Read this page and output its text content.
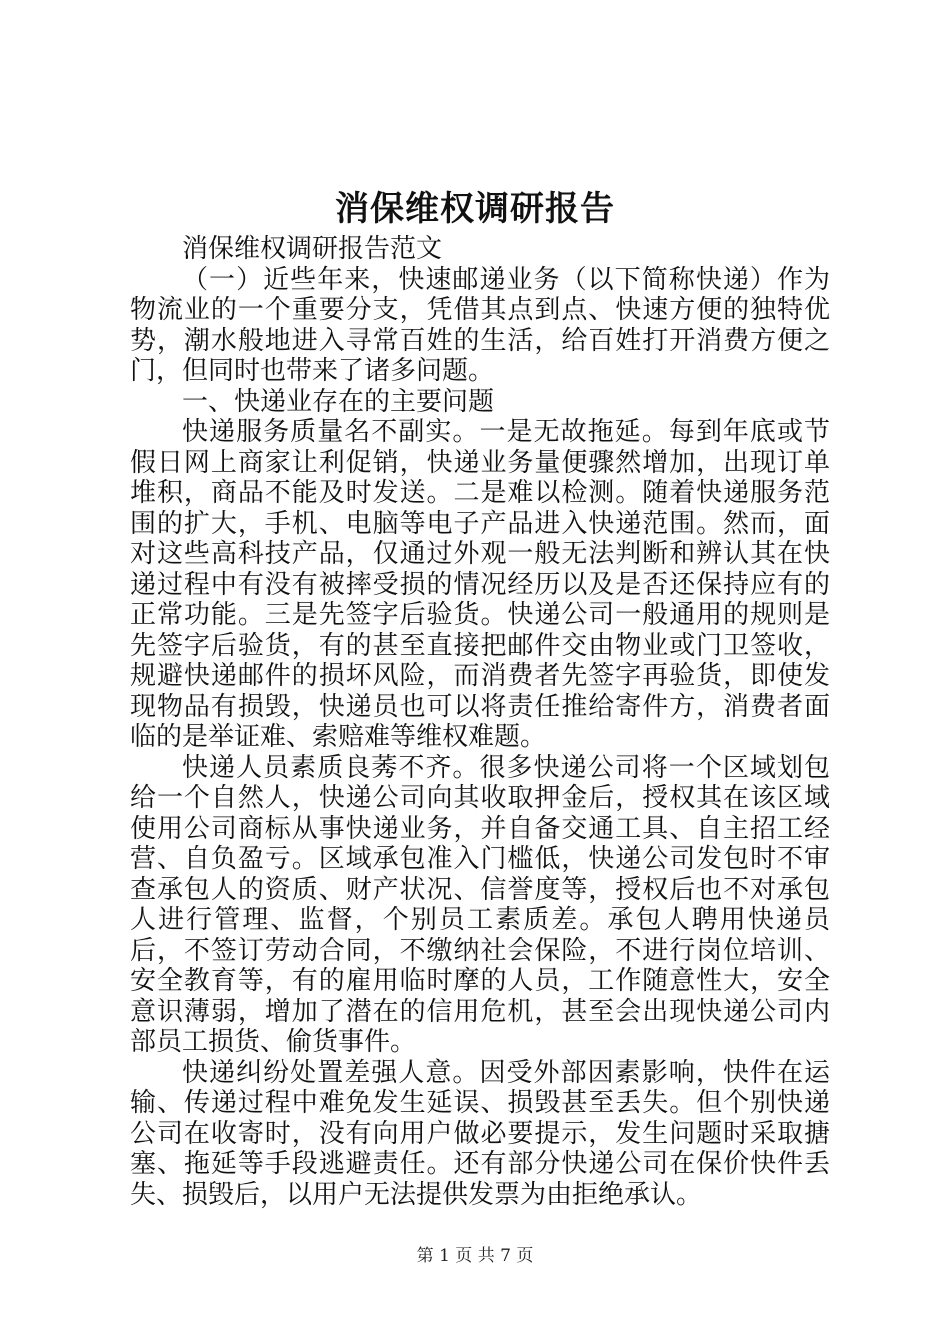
消保维权调研报告

消保维权调研报告范文

（一）近些年来，快速邮递业务（以下简称快递）作为物流业的一个重要分支，凭借其点到点、快速方便的独特优势，潮水般地进入寻常百姓的生活，给百姓打开消费方便之门，但同时也带来了诸多问题。

一、快递业存在的主要问题

快递服务质量名不副实。一是无故拖延。每到年底或节假日网上商家让利促销，快递业务量便骤然增加，出现订单堆积，商品不能及时发送。二是难以检测。随着快递服务范围的扩大，手机、电脑等电子产品进入快递范围。然而，面对这些高科技产品，仅通过外观一般无法判断和辨认其在快递过程中有没有被摔受损的情况经历以及是否还保持应有的正常功能。三是先签字后验货。快递公司一般通用的规则是先签字后验货，有的甚至直接把邮件交由物业或门卫签收，规避快递邮件的损坏风险，而消费者先签字再验货，即使发现物品有损毁，快递员也可以将责任推给寄件方，消费者面临的是举证难、索赔难等维权难题。

快递人员素质良莠不齐。很多快递公司将一个区域划包给一个自然人，快递公司向其收取押金后，授权其在该区域使用公司商标从事快递业务，并自备交通工具、自主招工经营、自负盈亏。区域承包准入门槛低，快递公司发包时不审查承包人的资质、财产状况、信誉度等，授权后也不对承包人进行管理、监督，个别员工素质差。承包人聘用快递员后，不签订劳动合同，不缴纳社会保险，不进行岗位培训、安全教育等，有的雇用临时摩的人员，工作随意性大，安全意识薄弱，增加了潜在的信用危机，甚至会出现快递公司内部员工损货、偷货事件。

快递纠纷处置差强人意。因受外部因素影响，快件在运输、传递过程中难免发生延误、损毁甚至丢失。但个别快递公司在收寄时，没有向用户做必要提示，发生问题时采取搪塞、拖延等手段逃避责任。还有部分快递公司在保价快件丢失、损毁后，以用户无法提供发票为由拒绝承认。

第 1 页 共 7 页
